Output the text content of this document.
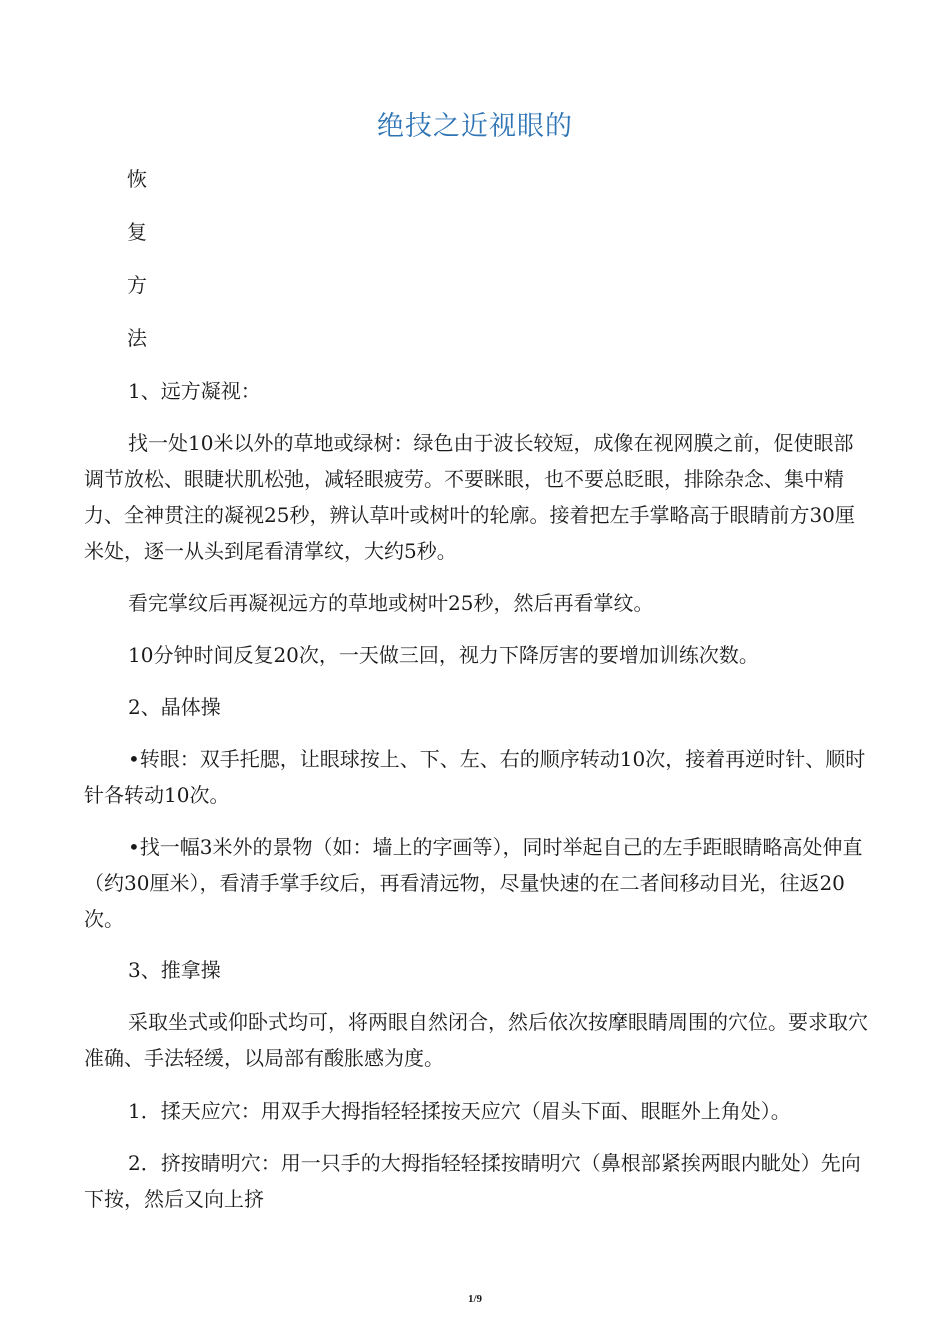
绝技之近视眼的
恢
复
方
法
1、远方凝视：
找一处10米以外的草地或绿树：绿色由于波长较短，成像在视网膜之前，促使眼部调节放松、眼睫状肌松弛，减轻眼疲劳。不要眯眼，也不要总眨眼，排除杂念、集中精力、全神贯注的凝视25秒，辨认草叶或树叶的轮廓。接着把左手掌略高于眼睛前方30厘米处，逐一从头到尾看清掌纹，大约5秒。
看完掌纹后再凝视远方的草地或树叶25秒，然后再看掌纹。
10分钟时间反复20次，一天做三回，视力下降厉害的要增加训练次数。
2、晶体操
•转眼：双手托腮，让眼球按上、下、左、右的顺序转动10次，接着再逆时针、顺时针各转动10次。
•找一幅3米外的景物（如：墙上的字画等），同时举起自己的左手距眼睛略高处伸直（约30厘米），看清手掌手纹后，再看清远物，尽量快速的在二者间移动目光，往返20次。
3、推拿操
采取坐式或仰卧式均可，将两眼自然闭合，然后依次按摩眼睛周围的穴位。要求取穴准确、手法轻缓，以局部有酸胀感为度。
1．揉天应穴：用双手大拇指轻轻揉按天应穴（眉头下面、眼眶外上角处）。
2．挤按睛明穴：用一只手的大拇指轻轻揉按睛明穴（鼻根部紧挨两眼内眦处）先向下按，然后又向上挤
1/9
